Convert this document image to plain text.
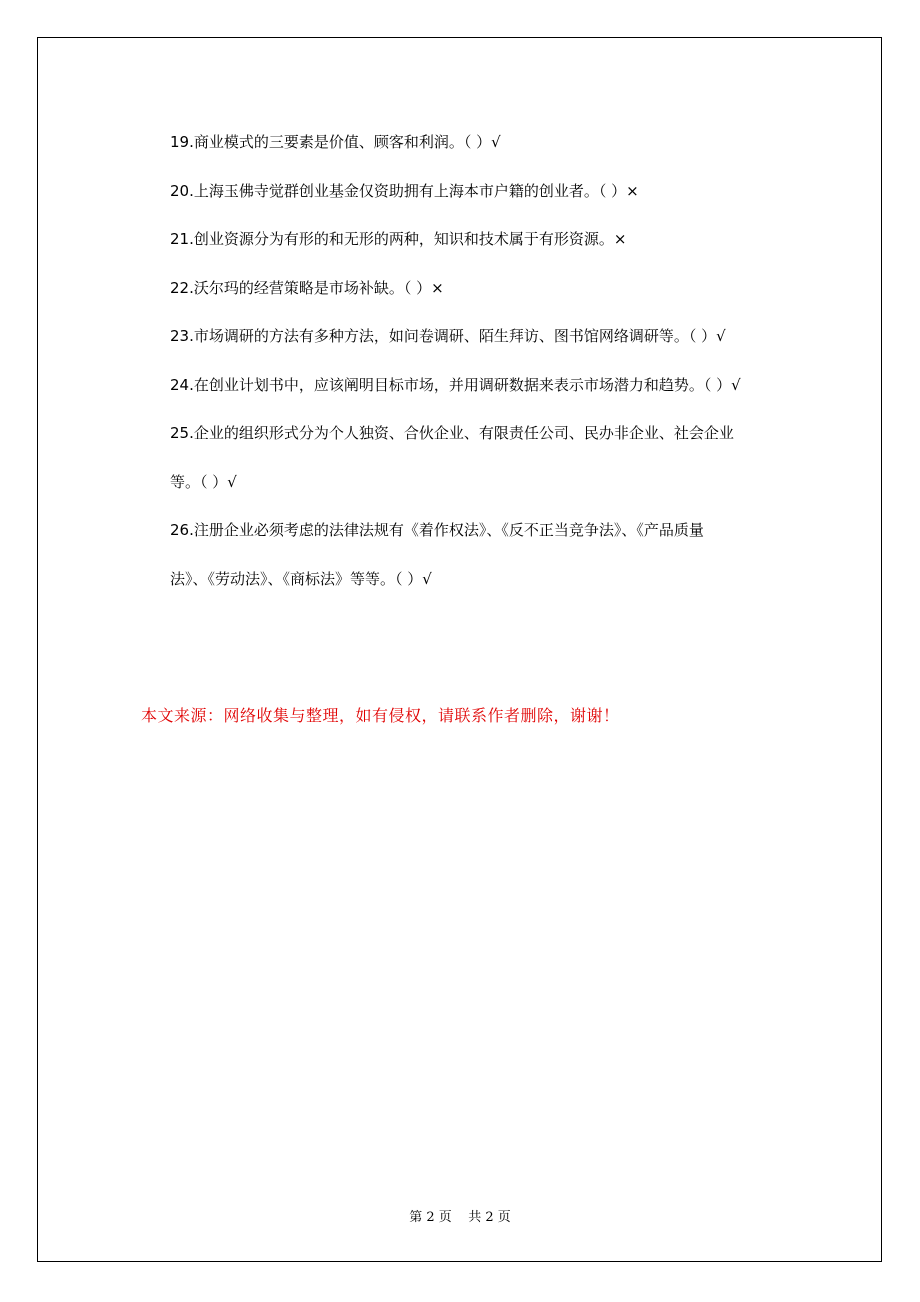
19.商业模式的三要素是价值、顾客和利润。（ ）√

20.上海玉佛寺觉群创业基金仅资助拥有上海本市户籍的创业者。（ ）×

21.创业资源分为有形的和无形的两种，知识和技术属于有形资源。×

22.沃尔玛的经营策略是市场补缺。（ ）×

23.市场调研的方法有多种方法，如问卷调研、陌生拜访、图书馆网络调研等。（ ）√

24.在创业计划书中，应该阐明目标市场，并用调研数据来表示市场潜力和趋势。（ ）√

25.企业的组织形式分为个人独资、合伙企业、有限责任公司、民办非企业、社会企业

等。（ ）√

26.注册企业必须考虑的法律法规有《着作权法》、《反不正当竞争法》、《产品质量

法》、《劳动法》、《商标法》等等。（ ）√

本文来源：网络收集与整理，如有侵权，请联系作者删除，谢谢！
第 2 页    共 2 页
